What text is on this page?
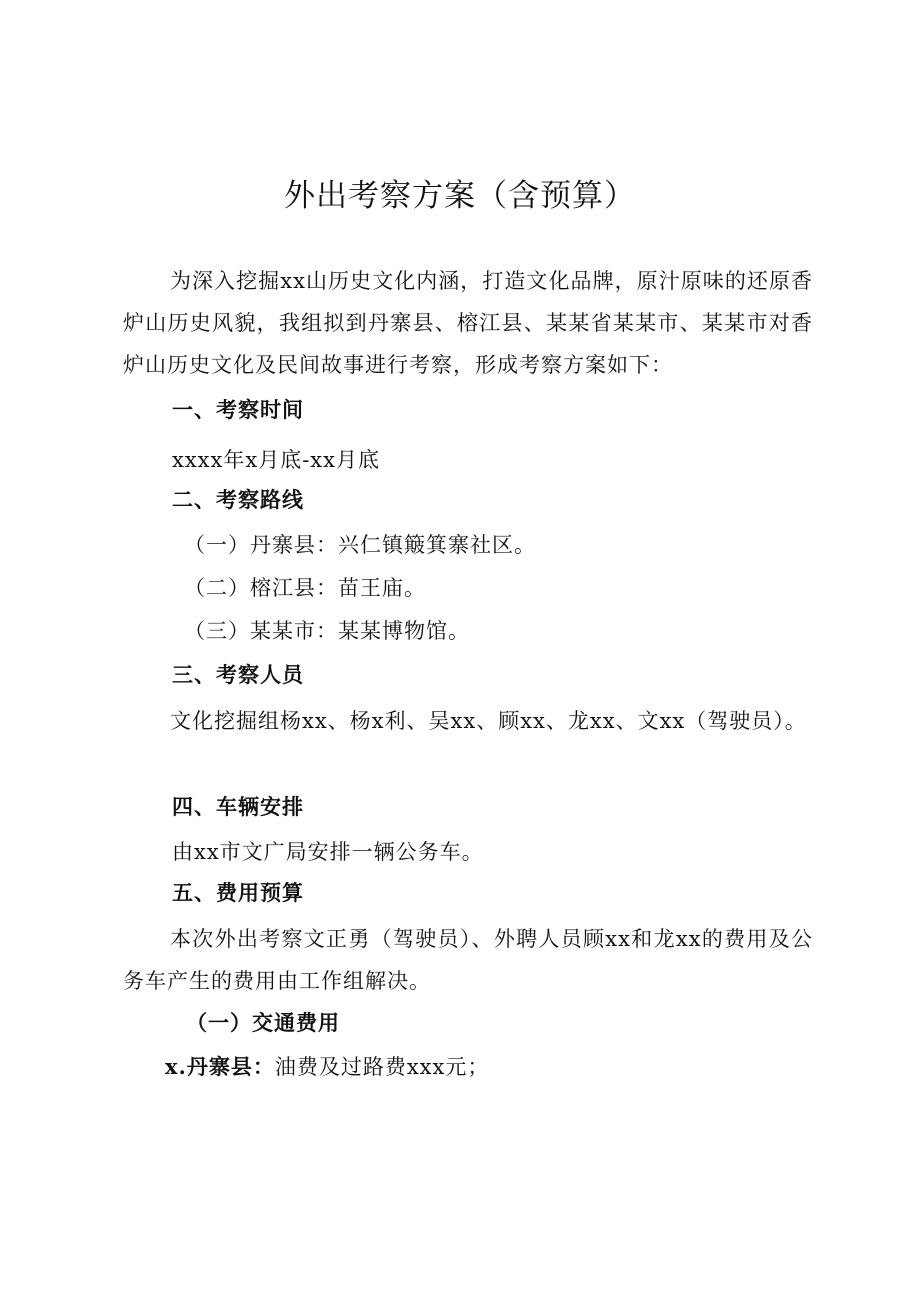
外出考察方案（含预算）
为深入挖掘xx山历史文化内涵，打造文化品牌，原汁原味的还原香炉山历史风貌，我组拟到丹寨县、榕江县、某某省某某市、某某市对香炉山历史文化及民间故事进行考察，形成考察方案如下：
一、考察时间
xxxx年x月底-xx月底
二、考察路线
（一）丹寨县：兴仁镇簸箕寨社区。
（二）榕江县：苗王庙。
（三）某某市：某某博物馆。
三、考察人员
文化挖掘组杨xx、杨x利、吴xx、顾xx、龙xx、文xx（驾驶员）。
四、车辆安排
由xx市文广局安排一辆公务车。
五、费用预算
本次外出考察文正勇（驾驶员）、外聘人员顾xx和龙xx的费用及公务车产生的费用由工作组解决。
（一）交通费用
x.丹寨县：油费及过路费xxx元；
